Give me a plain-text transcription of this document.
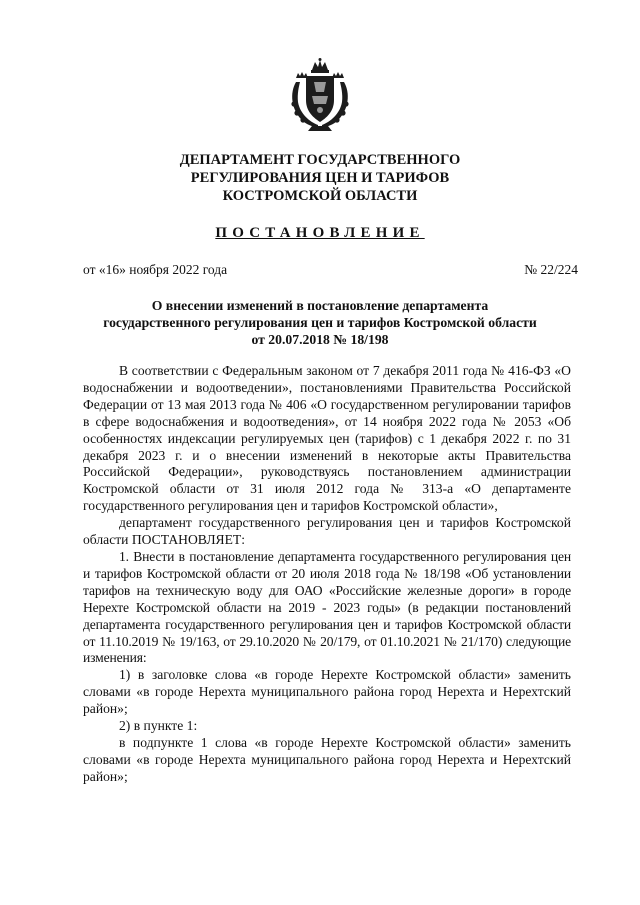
ДЕПАРТАМЕНТ ГОСУДАРСТВЕННОГО
РЕГУЛИРОВАНИЯ ЦЕН И ТАРИФОВ
КОСТРОМСКОЙ ОБЛАСТИ
ПОСТАНОВЛЕНИЕ
от «16» ноября 2022 года	№ 22/224
О внесении изменений в постановление департамента
государственного регулирования цен и тарифов Костромской области
от 20.07.2018 № 18/198

В соответствии с Федеральным законом от 7 декабря 2011 года № 416-ФЗ «О водоснабжении и водоотведении», постановлениями Правительства Российской Федерации от 13 мая 2013 года № 406 «О государственном регулировании тарифов в сфере водоснабжения и водоотведения», от 14 ноября 2022 года № 2053 «Об особенностях индексации регулируемых цен (тарифов) с 1 декабря 2022 г. по 31 декабря 2023 г. и о внесении изменений в некоторые акты Правительства Российской Федерации», руководствуясь постановлением администрации Костромской области от 31 июля 2012 года № 313-а «О департаменте государственного регулирования цен и тарифов Костромской области»,

департамент государственного регулирования цен и тарифов Костромской области ПОСТАНОВЛЯЕТ:

1. Внести в постановление департамента государственного регулирования цен и тарифов Костромской области от 20 июля 2018 года № 18/198 «Об установлении тарифов на техническую воду для ОАО «Российские железные дороги» в городе Нерехте Костромской области на 2019 - 2023 годы» (в редакции постановлений департамента государственного регулирования цен и тарифов Костромской области от 11.10.2019 № 19/163, от 29.10.2020 № 20/179, от 01.10.2021 № 21/170) следующие изменения:

1) в заголовке слова «в городе Нерехте Костромской области» заменить словами «в городе Нерехта муниципального района город Нерехта и Нерехтский район»;

2) в пункте 1:

в подпункте 1 слова «в городе Нерехте Костромской области» заменить словами «в городе Нерехта муниципального района город Нерехта и Нерехтский район»;
